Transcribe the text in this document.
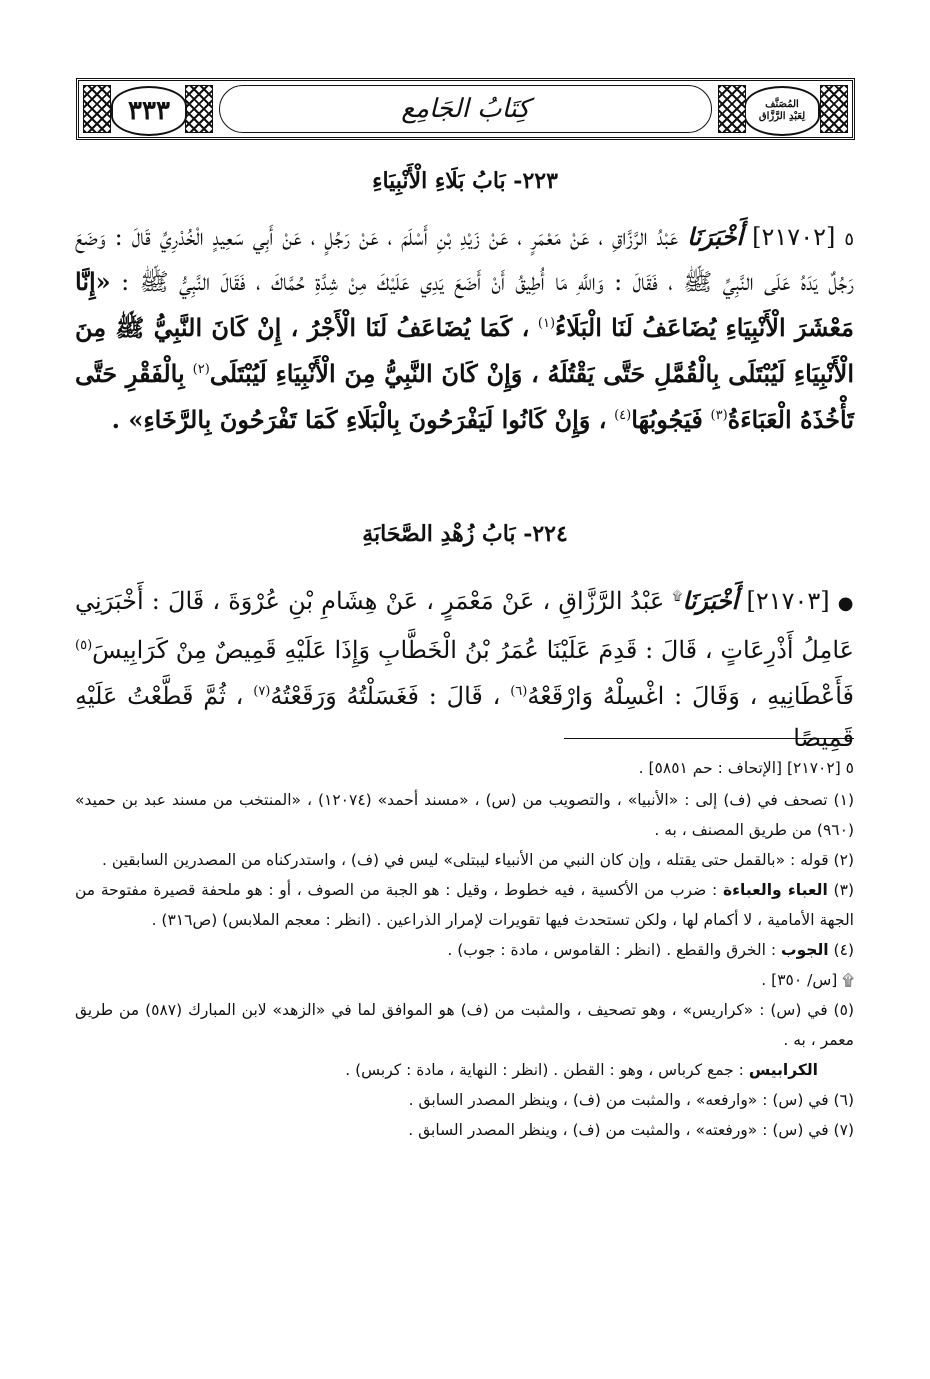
المُصَنَّف
لِعَبْدِ الرَّزَّاق
كِتَابُ الجَامِع
٣٣٣
٢٢٣- بَابُ بَلَاءِ الْأَنْبِيَاءِ
٥ [٢١٧٠٢] أَخْبَرَنَا عَبْدُ الرَّزَّاقِ ، عَنْ مَعْمَرٍ ، عَنْ زَيْدِ بْنِ أَسْلَمَ ، عَنْ رَجُلٍ ، عَنْ أَبِي سَعِيدٍ الْخُدْرِيِّ قَالَ : وَضَعَ رَجُلٌ يَدَهُ عَلَى النَّبِيِّ ﷺ ، فَقَالَ : وَاللَّهِ مَا أُطِيقُ أَنْ أَضَعَ يَدِي عَلَيْكَ مِنْ شِدَّةِ حُمَّاكَ ، فَقَالَ النَّبِيُّ ﷺ : «إِنَّا مَعْشَرَ الْأَنْبِيَاءِ يُضَاعَفُ لَنَا الْبَلَاءُ$^{(١)}$ ، كَمَا يُضَاعَفُ لَنَا الْأَجْرُ ، إِنْ كَانَ النَّبِيُّ ﷺ مِنَ الْأَنْبِيَاءِ لَيُبْتَلَى بِالْقُمَّلِ حَتَّى يَقْتُلَهُ ، وَإِنْ كَانَ النَّبِيُّ مِنَ الْأَنْبِيَاءِ لَيُبْتَلَى$^{(٢)}$ بِالْفَقْرِ حَتَّى تَأْخُذَهُ الْعَبَاءَةُ$^{(٣)}$ فَيَجُوبُهَا$^{(٤)}$ ، وَإِنْ كَانُوا لَيَفْرَحُونَ بِالْبَلَاءِ كَمَا تَفْرَحُونَ بِالرَّخَاءِ» .
٢٢٤- بَابُ زُهْدِ الصَّحَابَةِ
● [٢١٧٠٣] أَخْبَرَنَا۩ عَبْدُ الرَّزَّاقِ ، عَنْ مَعْمَرٍ ، عَنْ هِشَامِ بْنِ عُرْوَةَ ، قَالَ : أَخْبَرَنِي عَامِلُ أَذْرِعَاتٍ ، قَالَ : قَدِمَ عَلَيْنَا عُمَرُ بْنُ الْخَطَّابِ وَإِذَا عَلَيْهِ قَمِيصٌ مِنْ كَرَابِيسَ$^{(٥)}$ فَأَعْطَانِيهِ ، وَقَالَ : اغْسِلْهُ وَارْقَعْهُ$^{(٦)}$ ، قَالَ : فَغَسَلْتُهُ وَرَقَعْتُهُ$^{(٧)}$ ، ثُمَّ قَطَّعْتُ عَلَيْهِ قَمِيصًا

٥ [٢١٧٠٢] [الإتحاف : حم ٥٨٥١] .

(١) تصحف في (ف) إلى : «الأنبيا» ، والتصويب من (س) ، «مسند أحمد» (١٢٠٧٤) ، «المنتخب من مسند عبد بن حميد» (٩٦٠) من طريق المصنف ، به .

(٢) قوله : «بالقمل حتى يقتله ، وإن كان النبي من الأنبياء ليبتلى» ليس في (ف) ، واستدركناه من المصدرين السابقين .

(٣) العباء والعباءة : ضرب من الأكسية ، فيه خطوط ، وقيل : هو الجبة من الصوف ، أو : هو ملحفة قصيرة مفتوحة من الجهة الأمامية ، لا أكمام لها ، ولكن تستحدث فيها تقويرات لإمرار الذراعين . (انظر : معجم الملابس) (ص٣١٦) .

(٤) الجوب : الخرق والقطع . (انظر : القاموس ، مادة : جوب) .

۩ [س/ ٣٥٠] .

(٥) في (س) : «كراريس» ، وهو تصحيف ، والمثبت من (ف) هو الموافق لما في «الزهد» لابن المبارك (٥٨٧) من طريق معمر ، به .

الكرابيس : جمع كرباس ، وهو : القطن . (انظر : النهاية ، مادة : كربس) .

(٦) في (س) : «وارفعه» ، والمثبت من (ف) ، وينظر المصدر السابق .

(٧) في (س) : «ورفعته» ، والمثبت من (ف) ، وينظر المصدر السابق .
